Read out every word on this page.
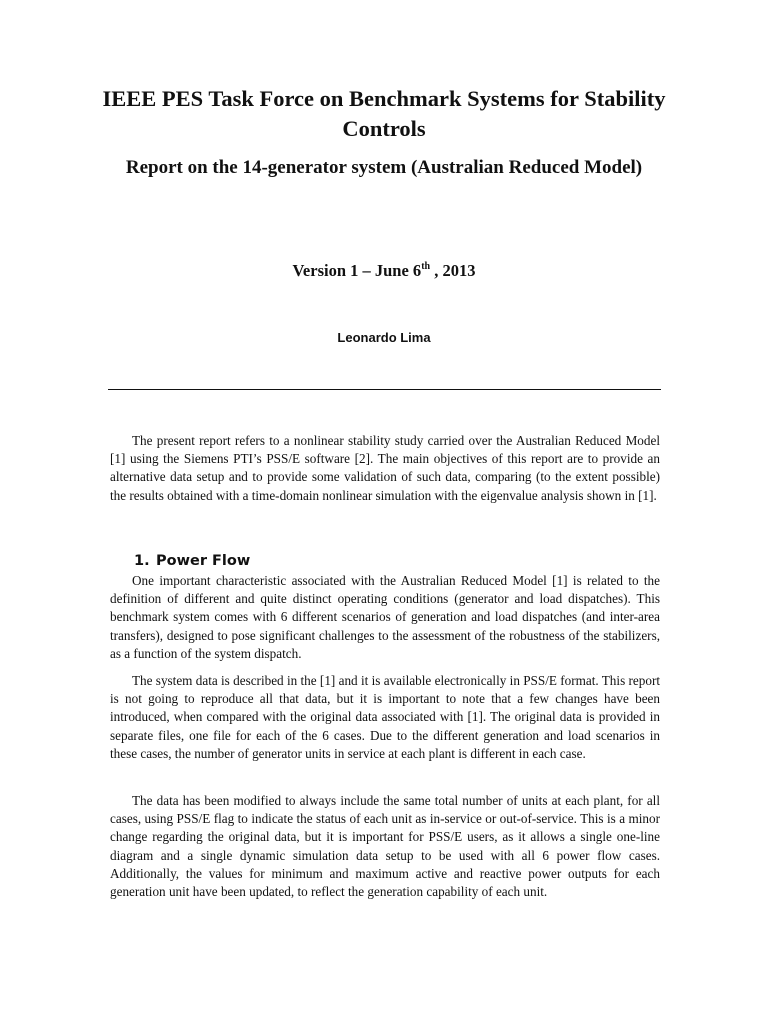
IEEE PES Task Force on Benchmark Systems for Stability Controls
Report on the 14-generator system (Australian Reduced Model)

Version 1 – June 6th , 2013

Leonardo Lima

The present report refers to a nonlinear stability study carried over the Australian Reduced Model [1] using the Siemens PTI’s PSS/E software [2]. The main objectives of this report are to provide an alternative data setup and to provide some validation of such data, comparing (to the extent possible) the results obtained with a time-domain nonlinear simulation with the eigenvalue analysis shown in [1].

1. Power Flow

One important characteristic associated with the Australian Reduced Model [1] is related to the definition of different and quite distinct operating conditions (generator and load dispatches). This benchmark system comes with 6 different scenarios of generation and load dispatches (and inter-area transfers), designed to pose significant challenges to the assessment of the robustness of the stabilizers, as a function of the system dispatch.

The system data is described in the [1] and it is available electronically in PSS/E format. This report is not going to reproduce all that data, but it is important to note that a few changes have been introduced, when compared with the original data associated with [1]. The original data is provided in separate files, one file for each of the 6 cases. Due to the different generation and load scenarios in these cases, the number of generator units in service at each plant is different in each case.

The data has been modified to always include the same total number of units at each plant, for all cases, using PSS/E flag to indicate the status of each unit as in-service or out-of-service. This is a minor change regarding the original data, but it is important for PSS/E users, as it allows a single one-line diagram and a single dynamic simulation data setup to be used with all 6 power flow cases. Additionally, the values for minimum and maximum active and reactive power outputs for each generation unit have been updated, to reflect the generation capability of each unit.
